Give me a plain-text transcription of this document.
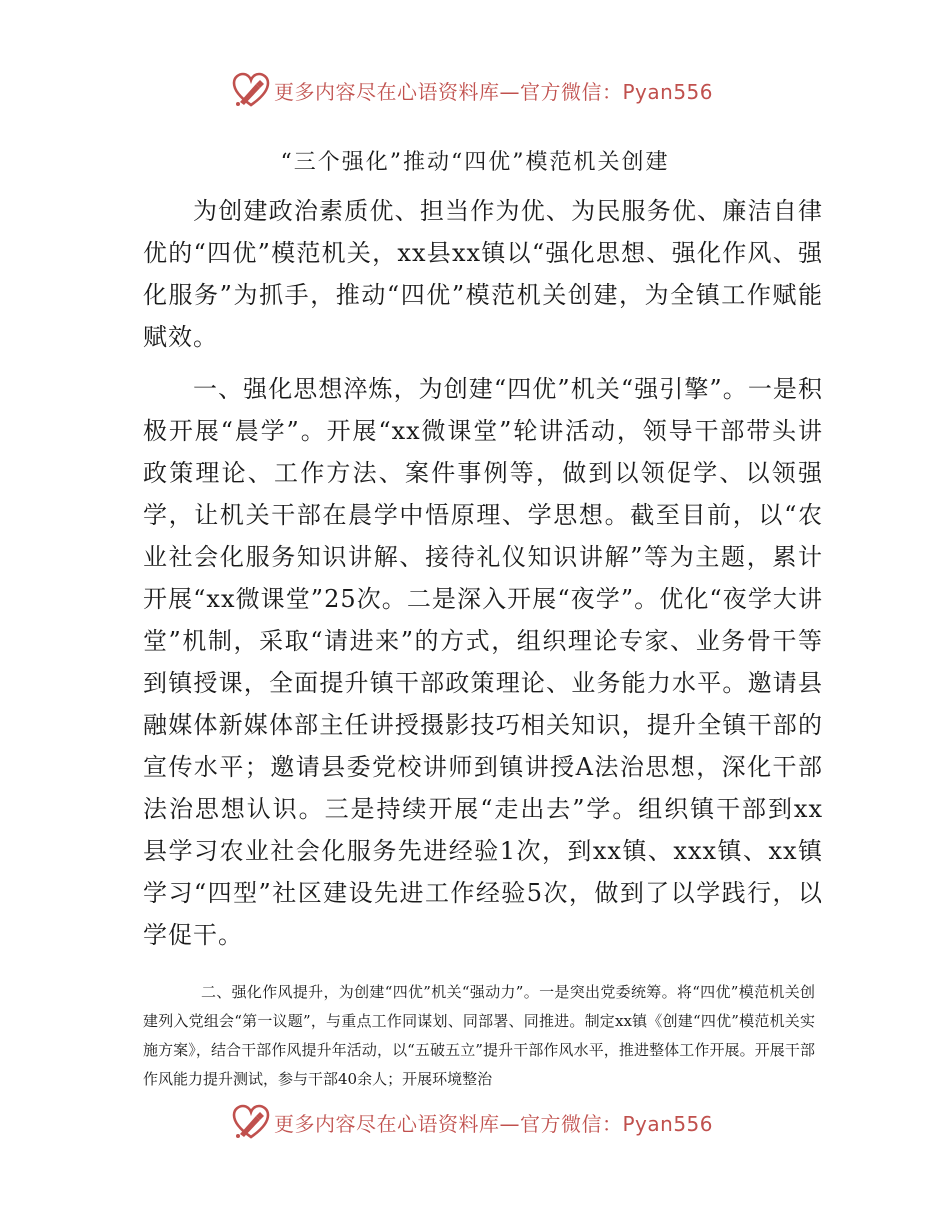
更多内容尽在心语资料库—官方微信：Pyan556
“三个强化”推动“四优”模范机关创建

为创建政治素质优、担当作为优、为民服务优、廉洁自律优的“四优”模范机关，xx县xx镇以“强化思想、强化作风、强化服务”为抓手，推动“四优”模范机关创建，为全镇工作赋能赋效。

一、强化思想淬炼，为创建“四优”机关“强引擎”。一是积极开展“晨学”。开展“xx微课堂”轮讲活动，领导干部带头讲政策理论、工作方法、案件事例等，做到以领促学、以领强学，让机关干部在晨学中悟原理、学思想。截至目前，以“农业社会化服务知识讲解、接待礼仪知识讲解”等为主题，累计开展“xx微课堂”25次。二是深入开展“夜学”。优化“夜学大讲堂”机制，采取“请进来”的方式，组织理论专家、业务骨干等到镇授课，全面提升镇干部政策理论、业务能力水平。邀请县融媒体新媒体部主任讲授摄影技巧相关知识，提升全镇干部的宣传水平；邀请县委党校讲师到镇讲授A法治思想，深化干部法治思想认识。三是持续开展“走出去”学。组织镇干部到xx县学习农业社会化服务先进经验1次，到xx镇、xxx镇、xx镇学习“四型”社区建设先进工作经验5次，做到了以学践行，以学促干。

二、强化作风提升，为创建“四优”机关“强动力”。一是突出党委统筹。将“四优”模范机关创建列入党组会“第一议题”，与重点工作同谋划、同部署、同推进。制定xx镇《创建“四优”模范机关实施方案》，结合干部作风提升年活动，以“五破五立”提升干部作风水平，推进整体工作开展。开展干部作风能力提升测试，参与干部40余人；开展环境整治

更多内容尽在心语资料库—官方微信：Pyan556
